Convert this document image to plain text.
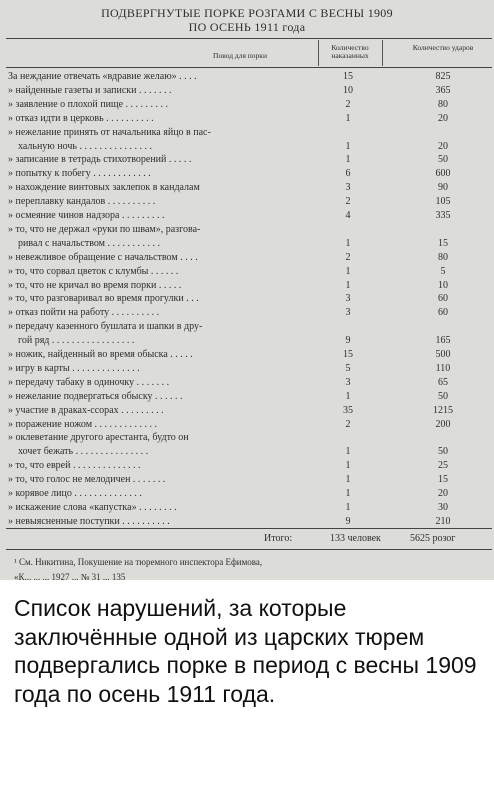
ПОДВЕРГНУТЫЕ ПОРКЕ РОЗГАМИ С ВЕСНЫ 1909
ПО ОСЕНЬ 1911 года
Повод для порки
Количество наказанных
Количество ударов
За неждание отвечать «вдравие желаю» . . . .	15	825
» найденные газеты и записки . . . . . . .	10	365
» заявление о плохой пище . . . . . . . . .	2	80
» отказ идти в церковь . . . . . . . . . .	1	20
» нежелание принять от начальника яйцо в пас-
хальную ночь . . . . . . . . . . . . . . .	1	20
» записание в тетрадь стихотворений . . . . .	1	50
» попытку к побегу . . . . . . . . . . . .	6	600
» нахождение винтовых заклепок в кандалам	3	90
» переплавку кандалов . . . . . . . . . .	2	105
» осмеяние чинов надзора . . . . . . . . .	4	335
» то, что не держал «руки по швам», разгова-
ривал с начальством . . . . . . . . . . .	1	15
» невежливое обращение с начальством . . . .	2	80
» то, что сорвал цветок с клумбы . . . . . .	1	5
» то, что не кричал во время порки . . . . .	1	10
» то, что разговаривал во время прогулки . . .	3	60
» отказ пойти на работу . . . . . . . . . .	3	60
» передачу казенного бушлата и шапки в дру-
гой ряд . . . . . . . . . . . . . . . . .	9	165
» ножик, найденный во время обыска . . . . .	15	500
» игру в карты . . . . . . . . . . . . . .	5	110
» передачу табаку в одиночку . . . . . . .	3	65
» нежелание подвергаться обыску . . . . . .	1	50
» участие в драках-ссорах . . . . . . . . .	35	1215
» поражение ножом . . . . . . . . . . . . .	2	200
» оклеветание другого арестанта, будто он
хочет бежать . . . . . . . . . . . . . . .	1	50
» то, что еврей . . . . . . . . . . . . . .	1	25
» то, что голос не мелодичен . . . . . . .	1	15
» корявое лицо . . . . . . . . . . . . . .	1	20
» искажение слова «капустка» . . . . . . . .	1	30
» невыясненные поступки . . . . . . . . . .	9	210
Итого:	133 человек	5625 розог
¹ См. Никитина, Покушение на тюремного инспектора Ефимова,
«К... ... ... 1927 ... № 31 ... 135
Список нарушений, за которые заключённые одной из царских тюрем подвергались порке в период с весны 1909 года по осень 1911 года.
